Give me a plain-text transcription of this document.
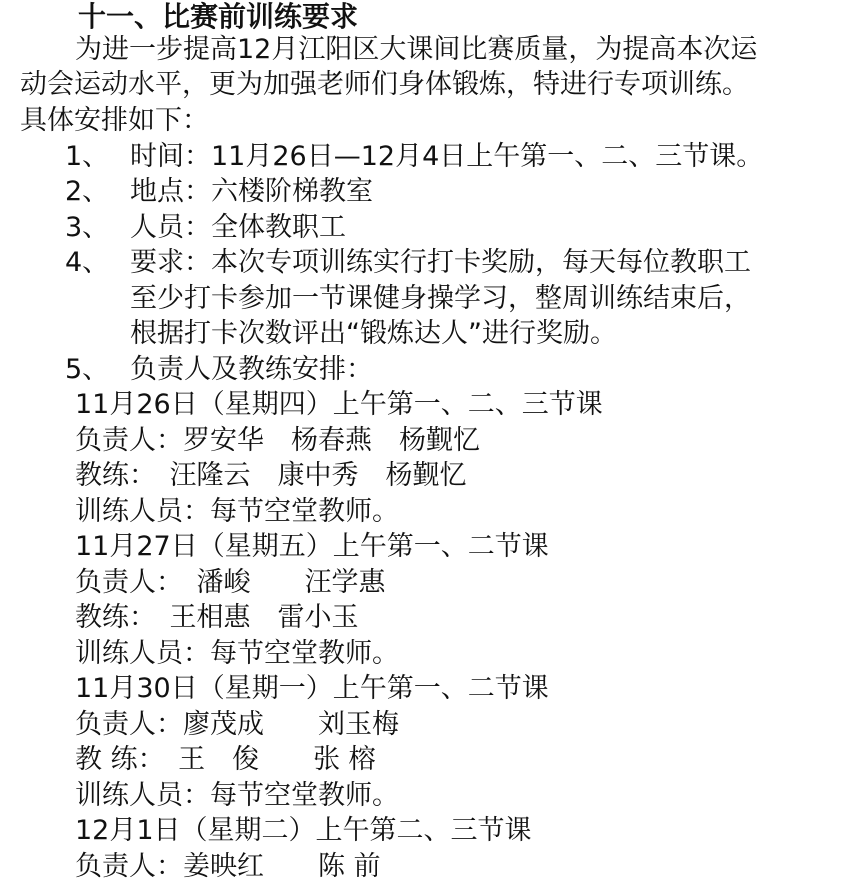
十一、比赛前训练要求
为进一步提高12月江阳区大课间比赛质量，为提高本次运
动会运动水平，更为加强老师们身体锻炼，特进行专项训练。
具体安排如下：
1、 时间：11月26日—12月4日上午第一、二、三节课。
2、 地点：六楼阶梯教室
3、 人员：全体教职工
4、 要求：本次专项训练实行打卡奖励，每天每位教职工
至少打卡参加一节课健身操学习，整周训练结束后，
根据打卡次数评出“锻炼达人”进行奖励。
5、 负责人及教练安排：
11月26日（星期四）上午第一、二、三节课
负责人：罗安华　杨春燕　杨觐忆
教练：　汪隆云　康中秀　杨觐忆
训练人员：每节空堂教师。
11月27日（星期五）上午第一、二节课
负责人：　潘峻　　汪学惠
教练：　王相惠　雷小玉
训练人员：每节空堂教师。
11月30日（星期一）上午第一、二节课
负责人：廖茂成　　刘玉梅
教 练：　王　俊　　张 榕
训练人员：每节空堂教师。
12月1日（星期二）上午第二、三节课
负责人：姜映红　　陈 前
